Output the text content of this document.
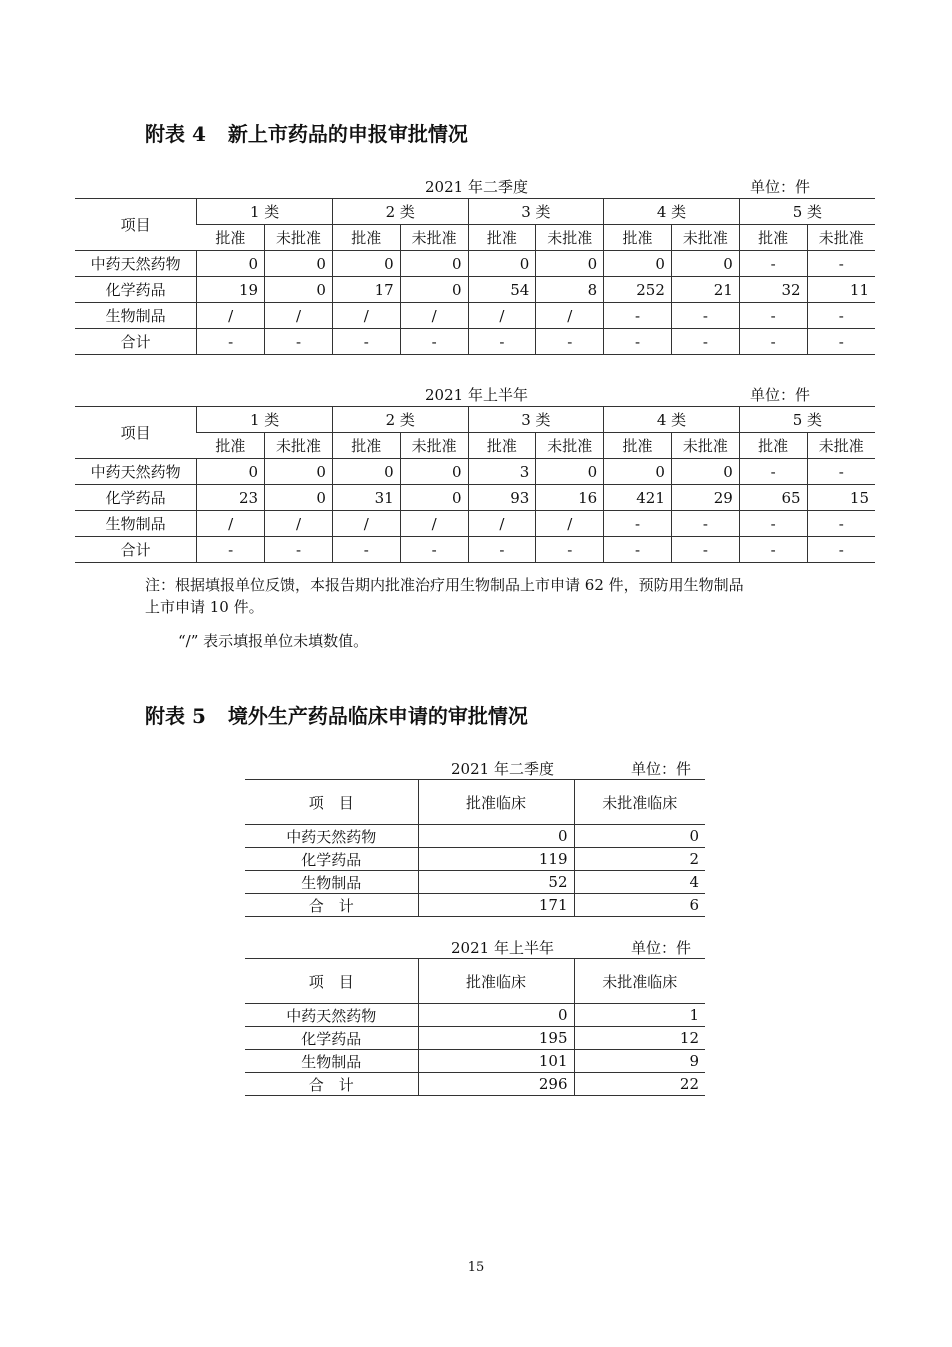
附表 4 新上市药品的申报审批情况
2021 年二季度	单位：件
项目	1 类		2 类		3 类		4 类		5 类	
	批准	未批准	批准	未批准	批准	未批准	批准	未批准	批准	未批准
中药天然药物	0	0	0	0	0	0	0	0	-	-
化学药品	19	0	17	0	54	8	252	21	32	11
生物制品	/	/	/	/	/	/	-	-	-	-
合计	-	-	-	-	-	-	-	-	-	-
2021 年上半年	单位：件
项目	1 类		2 类		3 类		4 类		5 类	
	批准	未批准	批准	未批准	批准	未批准	批准	未批准	批准	未批准
中药天然药物	0	0	0	0	3	0	0	0	-	-
化学药品	23	0	31	0	93	16	421	29	65	15
生物制品	/	/	/	/	/	/	-	-	-	-
合计	-	-	-	-	-	-	-	-	-	-
注：根据填报单位反馈，本报告期内批准治疗用生物制品上市申请 62 件，预防用生物制品
上市申请 10 件。
“/” 表示填报单位未填数值。
附表 5 境外生产药品临床申请的审批情况
2021 年二季度	单位：件
项　目	批准临床	未批准临床
中药天然药物	0	0
化学药品	119	2
生物制品	52	4
合　计	171	6
2021 年上半年	单位：件
项　目	批准临床	未批准临床
中药天然药物	0	1
化学药品	195	12
生物制品	101	9
合　计	296	22
15
